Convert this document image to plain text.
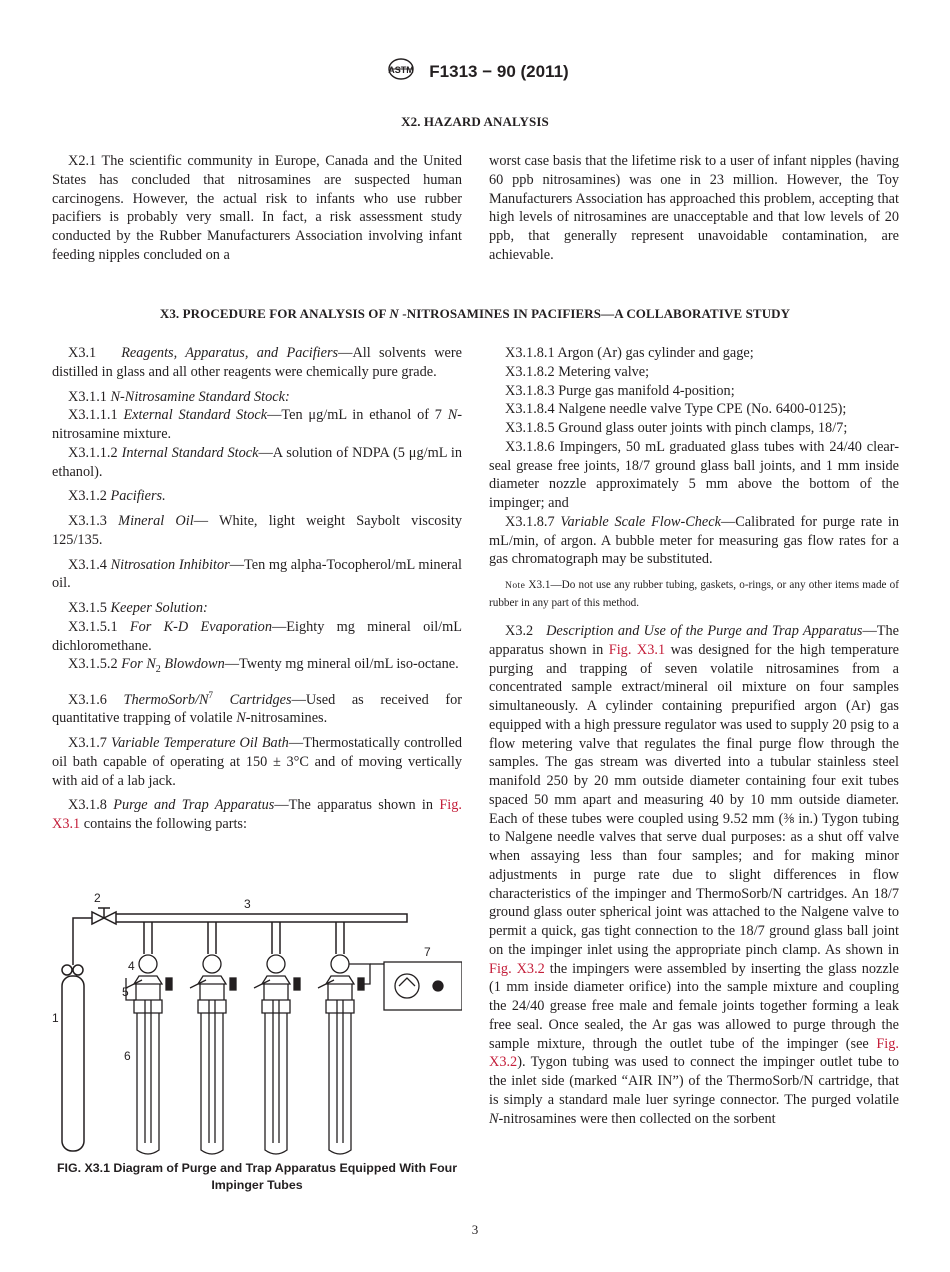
ASTM F1313 − 90 (2011)
X2. HAZARD ANALYSIS

X2.1 The scientific community in Europe, Canada and the United States has concluded that nitrosamines are suspected human carcinogens. However, the actual risk to infants who use rubber pacifiers is probably very small. In fact, a risk assessment study conducted by the Rubber Manufacturers Association involving infant feeding nipples concluded on a

worst case basis that the lifetime risk to a user of infant nipples (having 60 ppb nitrosamines) was one in 23 million. However, the Toy Manufacturers Association has approached this problem, accepting that high levels of nitrosamines are unacceptable and that low levels of 20 ppb, that generally represent unavoidable contamination, are achievable.

X3. PROCEDURE FOR ANALYSIS OF N -NITROSAMINES IN PACIFIERS—A COLLABORATIVE STUDY

X3.1 Reagents, Apparatus, and Pacifiers—All solvents were distilled in glass and all other reagents were chemically pure grade.

X3.1.1 N-Nitrosamine Standard Stock:

X3.1.1.1 External Standard Stock—Ten μg/mL in ethanol of 7 N-nitrosamine mixture.

X3.1.1.2 Internal Standard Stock—A solution of NDPA (5 μg/mL in ethanol).

X3.1.2 Pacifiers.

X3.1.3 Mineral Oil— White, light weight Saybolt viscosity 125/135.

X3.1.4 Nitrosation Inhibitor—Ten mg alpha-Tocopherol/mL mineral oil.

X3.1.5 Keeper Solution:

X3.1.5.1 For K-D Evaporation—Eighty mg mineral oil/mL dichloromethane.

X3.1.5.2 For $N_2$ Blowdown—Twenty mg mineral oil/mL iso-octane.

X3.1.6 ThermoSorb/$N^7$ Cartridges—Used as received for quantitative trapping of volatile N-nitrosamines.

X3.1.7 Variable Temperature Oil Bath—Thermostatically controlled oil bath capable of operating at 150 ± 3°C and of moving vertically with aid of a lab jack.

X3.1.8 Purge and Trap Apparatus—The apparatus shown in Fig. X3.1 contains the following parts:

2	3
1
4
5
6
7
FIG. X3.1 Diagram of Purge and Trap Apparatus Equipped With Four Impinger Tubes

X3.1.8.1 Argon (Ar) gas cylinder and gage;

X3.1.8.2 Metering valve;

X3.1.8.3 Purge gas manifold 4-position;

X3.1.8.4 Nalgene needle valve Type CPE (No. 6400-0125);

X3.1.8.5 Ground glass outer joints with pinch clamps, 18/7;

X3.1.8.6 Impingers, 50 mL graduated glass tubes with 24/40 clear-seal grease free joints, 18/7 ground glass ball joints, and 1 mm inside diameter nozzle approximately 5 mm above the bottom of the impinger; and

X3.1.8.7 Variable Scale Flow-Check—Calibrated for purge rate in mL/min, of argon. A bubble meter for measuring gas flow rates for a gas chromatograph may be substituted.

Note X3.1—Do not use any rubber tubing, gaskets, o-rings, or any other items made of rubber in any part of this method.

X3.2 Description and Use of the Purge and Trap Apparatus—The apparatus shown in Fig. X3.1 was designed for the high temperature purging and trapping of seven volatile nitrosamines from a concentrated sample extract/mineral oil mixture on four samples simultaneously. A cylinder containing prepurified argon (Ar) gas equipped with a high pressure regulator was used to supply 20 psig to a flow metering valve that regulates the final purge flow through the samples. The gas stream was diverted into a tubular stainless steel manifold 250 by 20 mm outside diameter containing four exit tubes spaced 50 mm apart and measuring 40 by 10 mm outside diameter. Each of these tubes were coupled using 9.52 mm (⅜ in.) Tygon tubing to Nalgene needle valves that serve dual purposes: as a shut off valve when assaying less than four samples; and for making minor adjustments in purge rate due to slight differences in flow characteristics of the impinger and ThermoSorb/N cartridges. An 18/7 ground glass outer spherical joint was attached to the Nalgene valve to permit a quick, gas tight connection to the 18/7 ground glass ball joint on the impinger inlet using the appropriate pinch clamp. As shown in Fig. X3.2 the impingers were assembled by inserting the glass nozzle (1 mm inside diameter orifice) into the sample mixture and coupling the 24/40 grease free male and female joints together forming a leak free seal. Once sealed, the Ar gas was allowed to purge through the sample mixture, through the outlet tube of the impinger (see Fig. X3.2). Tygon tubing was used to connect the impinger outlet tube to the inlet side (marked “AIR IN”) of the ThermoSorb/N cartridge, that is simply a standard male luer syringe connector. The purged volatile N-nitrosamines were then collected on the sorbent

3
